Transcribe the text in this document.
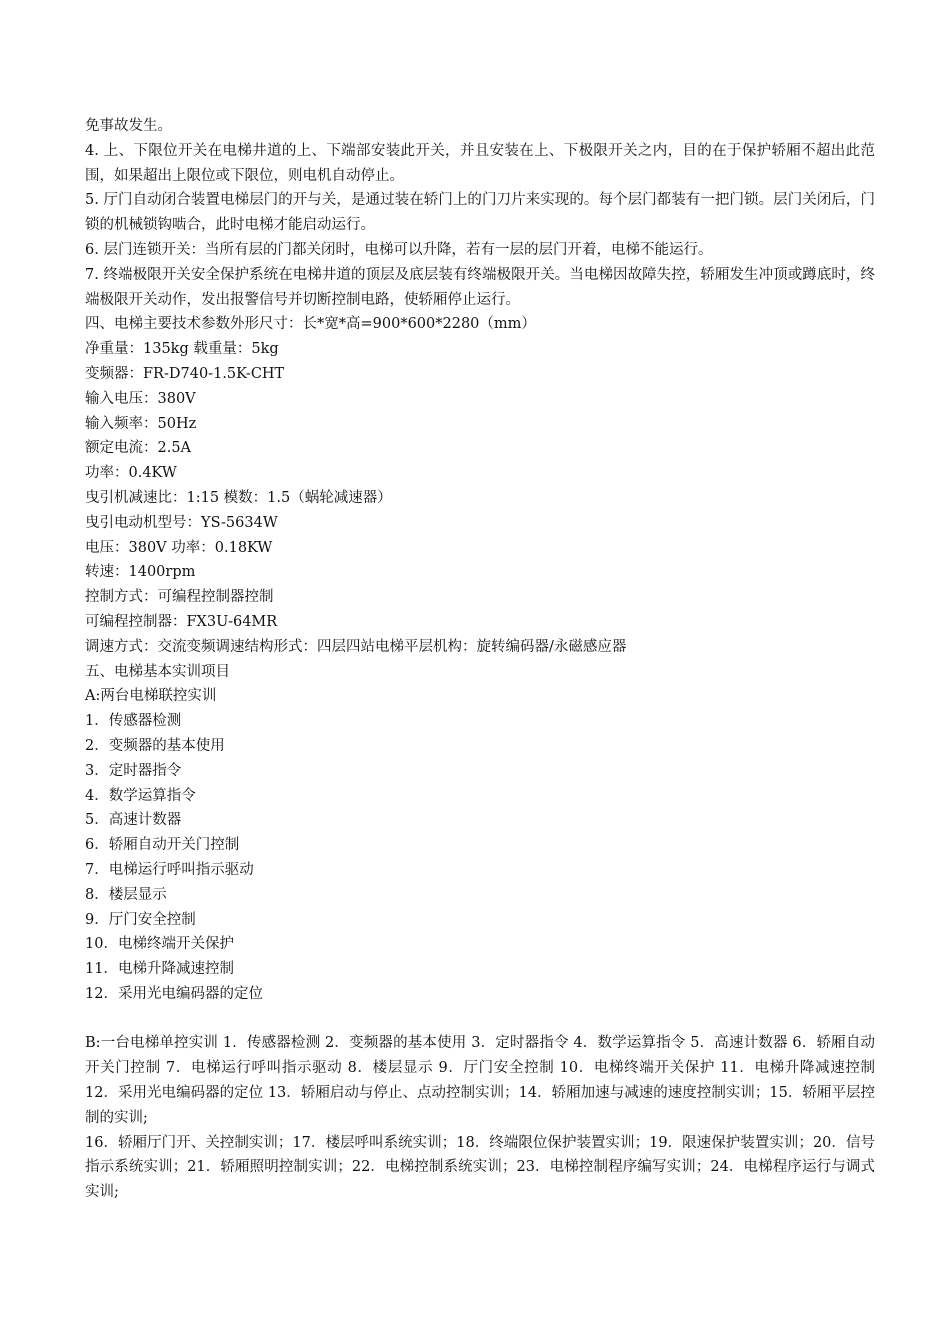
免事故发生。
4. 上、下限位开关在电梯井道的上、下端部安装此开关，并且安装在上、下极限开关之内，目的在于保护轿厢不超出此范围，如果超出上限位或下限位，则电机自动停止。
5. 厅门自动闭合装置电梯层门的开与关，是通过装在轿门上的门刀片来实现的。每个层门都装有一把门锁。层门关闭后，门锁的机械锁钩啮合，此时电梯才能启动运行。
6. 层门连锁开关：当所有层的门都关闭时，电梯可以升降，若有一层的层门开着，电梯不能运行。
7. 终端极限开关安全保护系统在电梯井道的顶层及底层装有终端极限开关。当电梯因故障失控，轿厢发生冲顶或蹲底时，终端极限开关动作，发出报警信号并切断控制电路，使轿厢停止运行。
四、电梯主要技术参数外形尺寸：长*宽*高=900*600*2280（mm）
净重量：135kg 载重量：5kg
变频器：FR-D740-1.5K-CHT
输入电压：380V
输入频率：50Hz
额定电流：2.5A
功率：0.4KW
曳引机减速比：1:15 模数：1.5（蜗轮减速器）
曳引电动机型号：YS-5634W
电压：380V 功率：0.18KW
转速：1400rpm
控制方式：可编程控制器控制
可编程控制器：FX3U-64MR
调速方式：交流变频调速结构形式：四层四站电梯平层机构：旋转编码器/永磁感应器
五、电梯基本实训项目
A:两台电梯联控实训
1．传感器检测
2．变频器的基本使用
3．定时器指令
4．数学运算指令
5．高速计数器
6．轿厢自动开关门控制
7．电梯运行呼叫指示驱动
8．楼层显示
9．厅门安全控制
10．电梯终端开关保护
11．电梯升降减速控制
12．采用光电编码器的定位
B:一台电梯单控实训 1．传感器检测 2．变频器的基本使用 3．定时器指令 4．数学运算指令 5．高速计数器 6．轿厢自动开关门控制 7．电梯运行呼叫指示驱动 8．楼层显示 9．厅门安全控制 10．电梯终端开关保护 11．电梯升降减速控制 12．采用光电编码器的定位 13．轿厢启动与停止、点动控制实训；14．轿厢加速与减速的速度控制实训；15．轿厢平层控制的实训;
16．轿厢厅门开、关控制实训；17．楼层呼叫系统实训；18．终端限位保护装置实训；19．限速保护装置实训；20．信号指示系统实训；21．轿厢照明控制实训；22．电梯控制系统实训；23．电梯控制程序编写实训；24．电梯程序运行与调式实训;
